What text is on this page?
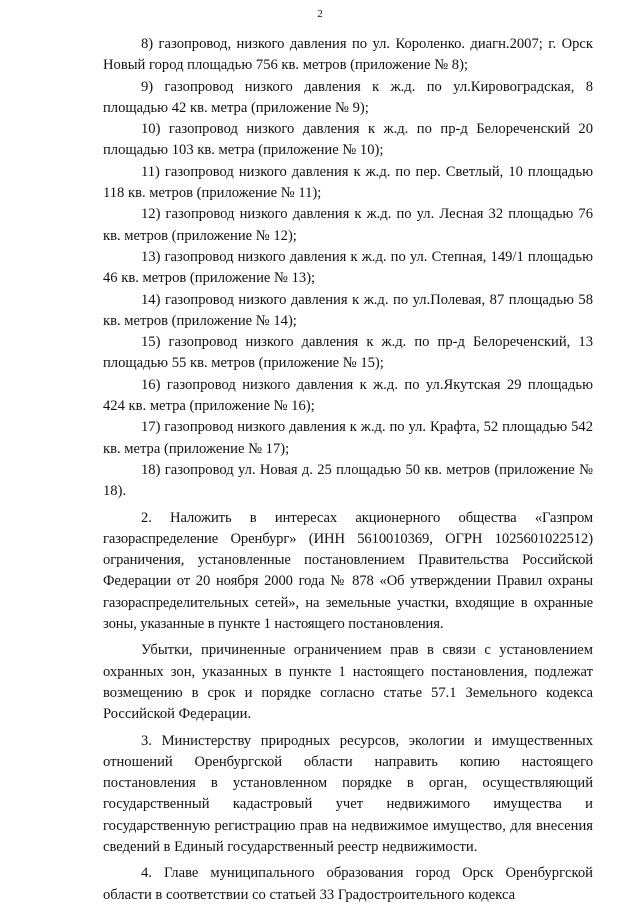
2

8) газопровод, низкого давления по ул. Короленко. диагн.2007; г. Орск Новый город площадью 756 кв. метров (приложение № 8);

9) газопровод низкого давления к ж.д. по ул.Кировоградская, 8 площадью 42 кв. метра (приложение № 9);

10) газопровод низкого давления к ж.д. по пр-д Белореченский 20 площадью 103 кв. метра (приложение № 10);

11) газопровод низкого давления к ж.д. по пер. Светлый, 10 площадью 118 кв. метров (приложение № 11);

12) газопровод низкого давления к ж.д. по ул. Лесная 32 площадью 76 кв. метров (приложение № 12);

13) газопровод низкого давления к ж.д. по ул. Степная, 149/1 площадью 46 кв. метров (приложение № 13);

14) газопровод низкого давления к ж.д. по ул.Полевая, 87 площадью 58 кв. метров (приложение № 14);

15) газопровод низкого давления к ж.д. по пр-д Белореченский, 13 площадью 55 кв. метров (приложение № 15);

16) газопровод низкого давления к ж.д. по ул.Якутская 29 площадью 424 кв. метра (приложение № 16);

17) газопровод низкого давления к ж.д. по ул. Крафта, 52 площадью 542 кв. метра (приложение № 17);

18) газопровод ул. Новая д. 25 площадью 50 кв. метров (приложение № 18).

2. Наложить в интересах акционерного общества «Газпром газораспределение Оренбург» (ИНН 5610010369, ОГРН 1025601022512) ограничения, установленные постановлением Правительства Российской Федерации от 20 ноября 2000 года № 878 «Об утверждении Правил охраны газораспределительных сетей», на земельные участки, входящие в охранные зоны, указанные в пункте 1 настоящего постановления.

Убытки, причиненные ограничением прав в связи с установлением охранных зон, указанных в пункте 1 настоящего постановления, подлежат возмещению в срок и порядке согласно статье 57.1 Земельного кодекса Российской Федерации.

3. Министерству природных ресурсов, экологии и имущественных отношений Оренбургской области направить копию настоящего постановления в установленном порядке в орган, осуществляющий государственный кадастровый учет недвижимого имущества и государственную регистрацию прав на недвижимое имущество, для внесения сведений в Единый государственный реестр недвижимости.

4. Главе муниципального образования город Орск Оренбургской области в соответствии со статьей 33 Градостроительного кодекса
